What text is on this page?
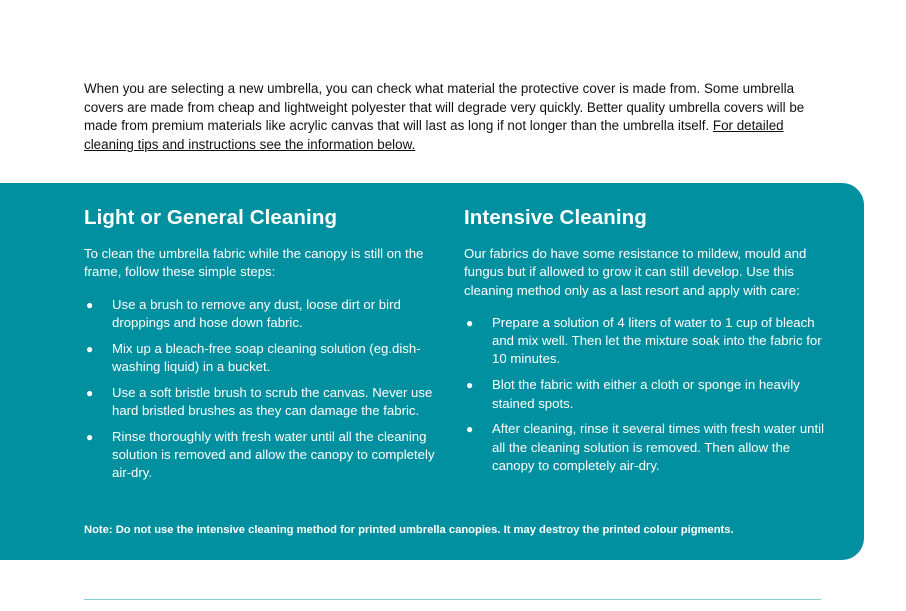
When you are selecting a new umbrella, you can check what material the protective cover is made from. Some umbrella covers are made from cheap and lightweight polyester that will degrade very quickly. Better quality umbrella covers will be made from premium materials like acrylic canvas that will last as long if not longer than the umbrella itself. For detailed cleaning tips and instructions see the information below.
Light or General Cleaning

To clean the umbrella fabric while the canopy is still on the frame, follow these simple steps:

● Use a brush to remove any dust, loose dirt or bird droppings and hose down fabric.
● Mix up a bleach-free soap cleaning solution (eg.dish-washing liquid) in a bucket.
● Use a soft bristle brush to scrub the canvas. Never use hard bristled brushes as they can damage the fabric.
● Rinse thoroughly with fresh water until all the cleaning solution is removed and allow the canopy to completely air-dry.
Intensive Cleaning

Our fabrics do have some resistance to mildew, mould and fungus but if allowed to grow it can still develop. Use this cleaning method only as a last resort and apply with care:

● Prepare a solution of 4 liters of water to 1 cup of bleach and mix well. Then let the mixture soak into the fabric for 10 minutes.
● Blot the fabric with either a cloth or sponge in heavily stained spots.
● After cleaning, rinse it several times with fresh water until all the cleaning solution is removed. Then allow the canopy to completely air-dry.
Note: Do not use the intensive cleaning method for printed umbrella canopies. It may destroy the printed colour pigments.
